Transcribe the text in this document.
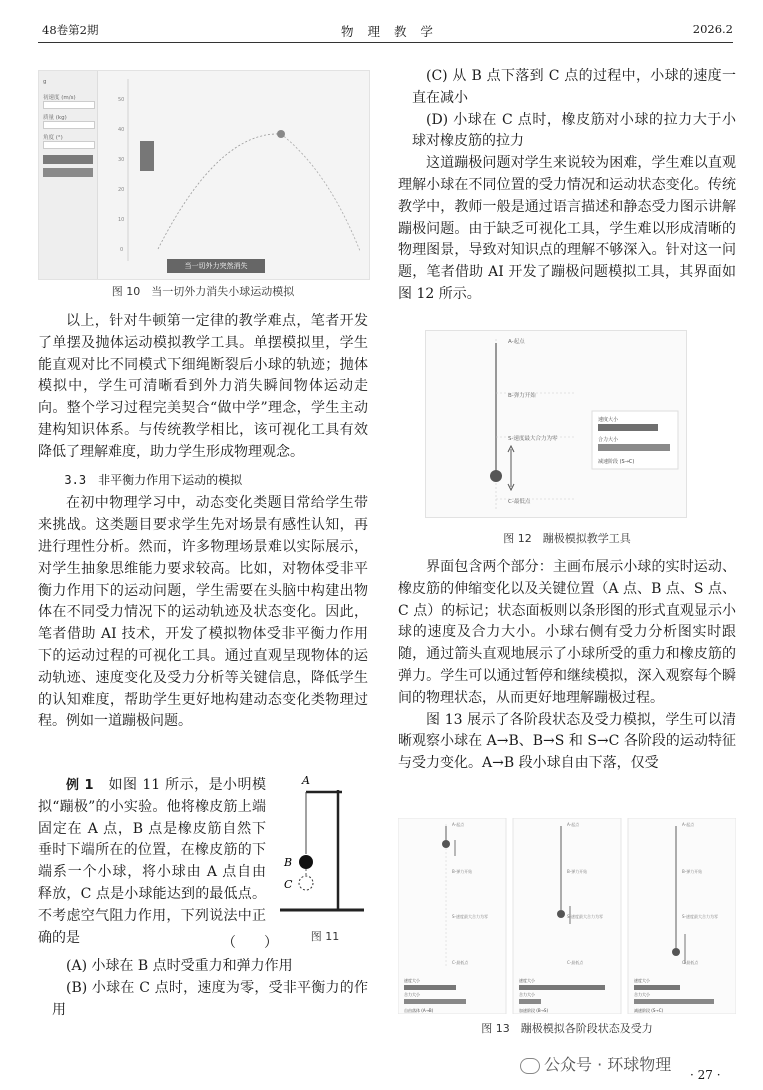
48卷第2期	物 理 教 学	2026.2
g
初速度 (m/s)
质量 (kg)
角度 (°)
50
40
30
20
10
0
当一切外力突然消失
图 10　当一切外力消失小球运动模拟

以上，针对牛顿第一定律的教学难点，笔者开发了单摆及抛体运动模拟教学工具。单摆模拟里，学生能直观对比不同模式下细绳断裂后小球的轨迹；抛体模拟中，学生可清晰看到外力消失瞬间物体运动走向。整个学习过程完美契合“做中学”理念，学生主动建构知识体系。与传统教学相比，该可视化工具有效降低了理解难度，助力学生形成物理观念。

3.3　非平衡力作用下运动的模拟

在初中物理学习中，动态变化类题目常给学生带来挑战。这类题目要求学生先对场景有感性认知，再进行理性分析。然而，许多物理场景难以实际展示，对学生抽象思维能力要求较高。比如，对物体受非平衡力作用下的运动问题，学生需要在头脑中构建出物体在不同受力情况下的运动轨迹及状态变化。因此，笔者借助 AI 技术，开发了模拟物体受非平衡力作用下的运动过程的可视化工具。通过直观呈现物体的运动轨迹、速度变化及受力分析等关键信息，降低学生的认知难度，帮助学生更好地构建动态变化类物理过程。例如一道蹦极问题。

例 1　 如图 11 所示，是小明模拟“蹦极”的小实验。他将橡皮筋上端固定在 A 点，B 点是橡皮筋自然下垂时下端所在的位置，在橡皮筋的下端系一个小球，将小球由 A 点自由释放，C 点是小球能达到的最低点。不考虑空气阻力作用，下列说法中正确的是	（　　）

(A) 小球在 B 点时受重力和弹力作用

(B) 小球在 C 点时，速度为零，受非平衡力的作用

A
B
C
图 11

(C) 从 B 点下落到 C 点的过程中，小球的速度一直在减小

(D) 小球在 C 点时，橡皮筋对小球的拉力大于小球对橡皮筋的拉力

这道蹦极问题对学生来说较为困难，学生难以直观理解小球在不同位置的受力情况和运动状态变化。传统教学中，教师一般是通过语言描述和静态受力图示讲解蹦极问题。由于缺乏可视化工具，学生难以形成清晰的物理图景，导致对知识点的理解不够深入。针对这一问题，笔者借助 AI 开发了蹦极问题模拟工具，其界面如图 12 所示。

A-起点
B-弹力开始
S-速度最大合力为零
C-最低点
速度大小
合力大小
减速阶段 (S→C)
图 12　蹦极模拟教学工具

界面包含两个部分：主画布展示小球的实时运动、橡皮筋的伸缩变化以及关键位置（A 点、B 点、S 点、C 点）的标记；状态面板则以条形图的形式直观显示小球的速度及合力大小。小球右侧有受力分析图实时跟随，通过箭头直观地展示了小球所受的重力和橡皮筋的弹力。学生可以通过暂停和继续模拟，深入观察每个瞬间的物理状态，从而更好地理解蹦极过程。

图 13 展示了各阶段状态及受力模拟，学生可以清晰观察小球在 A→B、B→S 和 S→C 各阶段的运动特征与受力变化。A→B 段小球自由下落，仅受

A-起点
B-弹力开始
S-速度最大合力为零
C-最低点
速度大小
合力大小
自由落体 (A→B)
A-起点
B-弹力开始
S-速度最大合力为零
C-最低点
速度大小
合力大小
加速阶段 (B→S)
A-起点
B-弹力开始
S-速度最大合力为零
C-最低点
速度大小
合力大小
减速阶段 (S→C)
图 13　蹦极模拟各阶段状态及受力
公众号 · 环球物理
· 27 ·
